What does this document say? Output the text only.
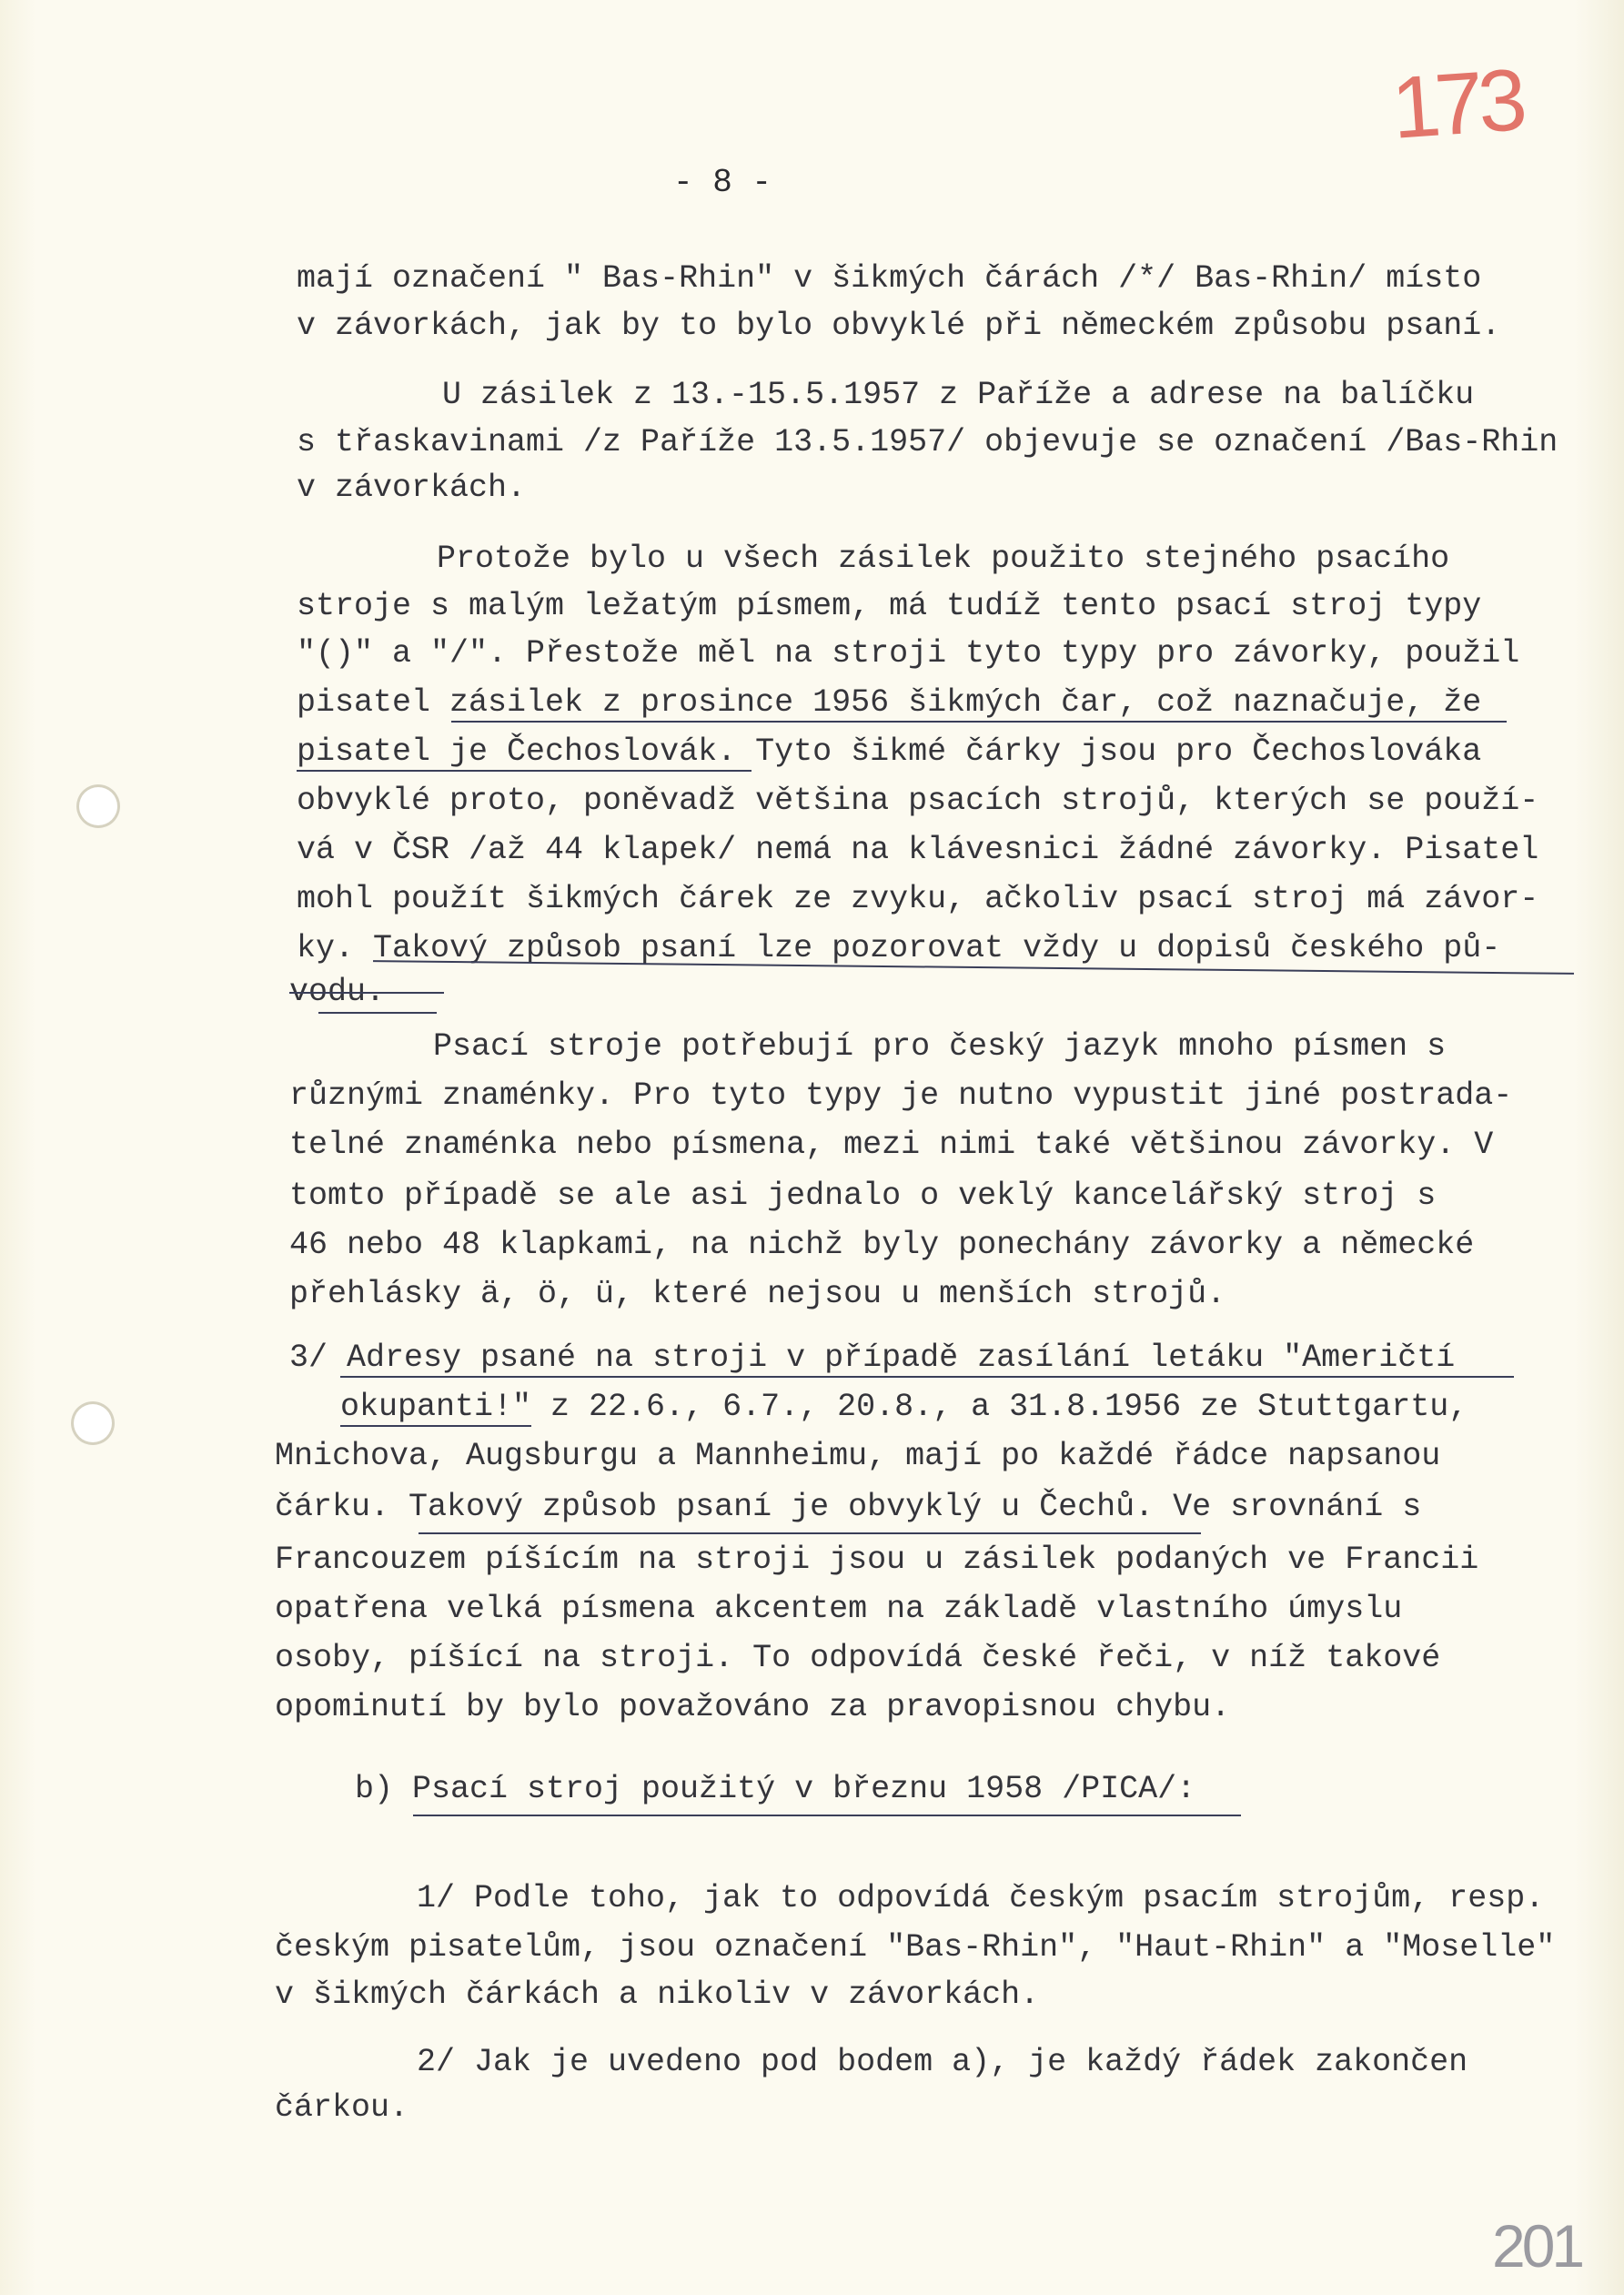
173
201
- 8 -
mají označení " Bas-Rhin" v šikmých čárách /*/ Bas-Rhin/ místo
v závorkách, jak by to bylo obvyklé při německém způsobu psaní.
U zásilek z 13.-15.5.1957 z Paříže a adrese na balíčku
s třaskavinami /z Paříže 13.5.1957/ objevuje se označení /Bas-Rhin
v závorkách.
Protože bylo u všech zásilek použito stejného psacího
stroje s malým ležatým písmem, má tudíž tento psací stroj typy
"()" a "/". Přestože měl na stroji tyto typy pro závorky, použil
pisatel zásilek z prosince 1956 šikmých čar, což naznačuje, že
pisatel je Čechoslovák. Tyto šikmé čárky jsou pro Čechoslováka
obvyklé proto, poněvadž většina psacích strojů, kterých se použí-
vá v ČSR /až 44 klapek/ nemá na klávesnici žádné závorky. Pisatel
mohl použít šikmých čárek ze zvyku, ačkoliv psací stroj má závor-
ky. Takový způsob psaní lze pozorovat vždy u dopisů českého pů-
vodu.
Psací stroje potřebují pro český jazyk mnoho písmen s
různými znaménky. Pro tyto typy je nutno vypustit jiné postrada-
telné znaménka nebo písmena, mezi nimi také většinou závorky. V
tomto případě se ale asi jednalo o veklý kancelářský stroj s
46 nebo 48 klapkami, na nichž byly ponechány závorky a německé
přehlásky ä, ö, ü, které nejsou u menších strojů.
3/ Adresy psané na stroji v případě zasílání letáku "Američtí
okupanti!" z 22.6., 6.7., 20.8., a 31.8.1956 ze Stuttgartu,
Mnichova, Augsburgu a Mannheimu, mají po každé řádce napsanou
čárku. Takový způsob psaní je obvyklý u Čechů. Ve srovnání s
Francouzem píšícím na stroji jsou u zásilek podaných ve Francii
opatřena velká písmena akcentem na základě vlastního úmyslu
osoby, píšící na stroji. To odpovídá české řeči, v níž takové
opominutí by bylo považováno za pravopisnou chybu.
b) Psací stroj použitý v březnu 1958 /PICA/:
1/ Podle toho, jak to odpovídá českým psacím strojům, resp.
českým pisatelům, jsou označení "Bas-Rhin", "Haut-Rhin" a "Moselle"
v šikmých čárkách a nikoliv v závorkách.
2/ Jak je uvedeno pod bodem a), je každý řádek zakončen
čárkou.
